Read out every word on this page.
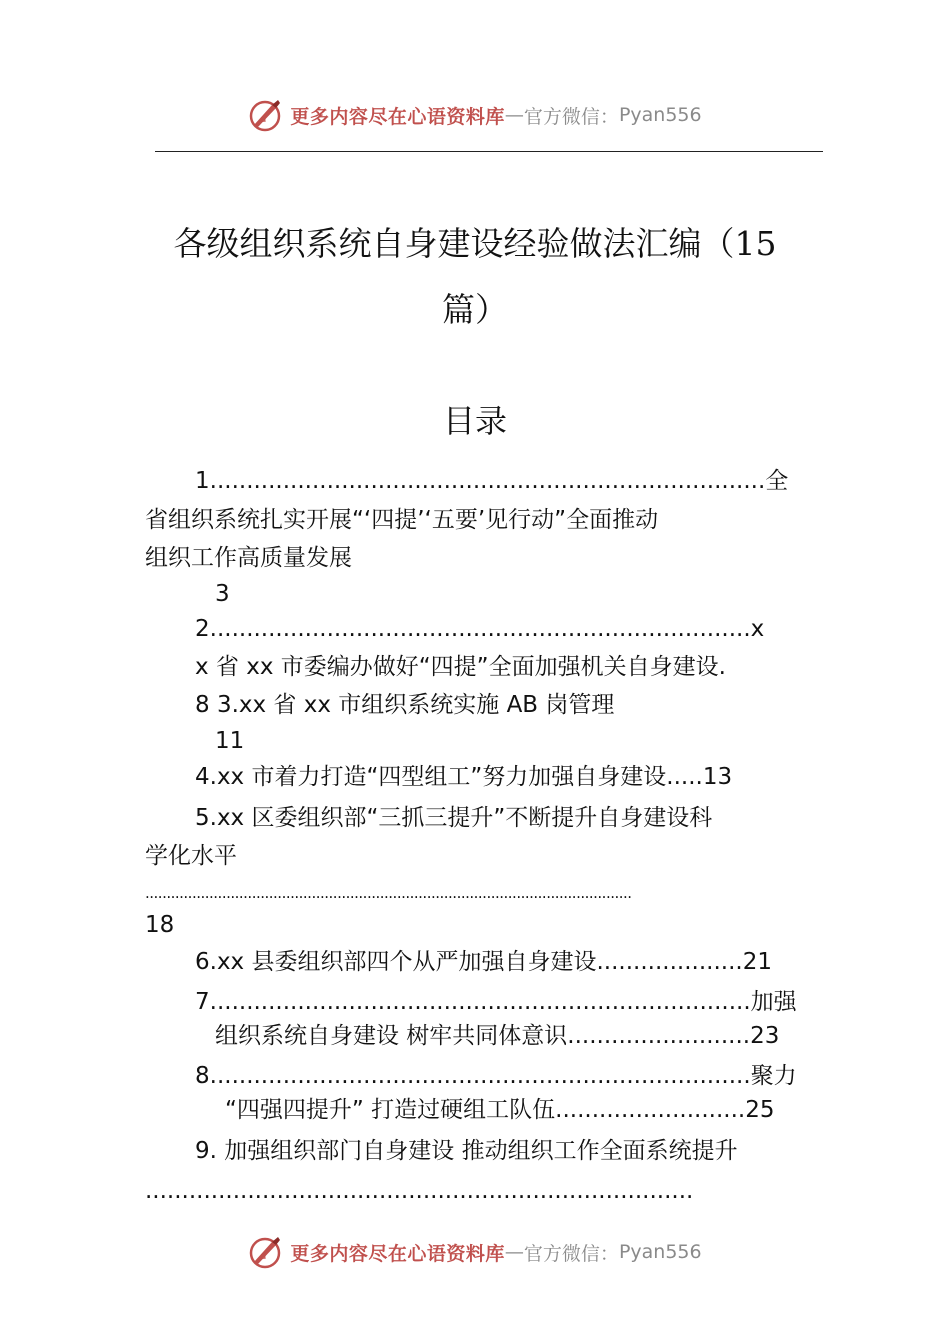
d 更多内容尽在心语资料库 — 官方微信： Pyan556
各级组织系统自身建设经验做法汇编（15
篇）
目录
1............................................................................全
省组织系统扎实开展“‘四提’‘五要’见行动”全面推动
组织工作高质量发展
3
2..........................................................................x
x 省 xx 市委编办做好“四提”全面加强机关自身建设.
8 3.xx 省 xx 市组织系统实施 AB 岗管理
11
4.xx 市着力打造“四型组工”努力加强自身建设.....13
5.xx 区委组织部“三抓三提升”不断提升自身建设科
学化水平
..................................................................................................................
18
6.xx 县委组织部四个从严加强自身建设....................21
7..........................................................................加强
组织系统自身建设 树牢共同体意识.........................23
8..........................................................................聚力
“四强四提升” 打造过硬组工队伍..........................25
9. 加强组织部门自身建设 推动组织工作全面系统提升
...........................................................................
d 更多内容尽在心语资料库 — 官方微信： Pyan556
